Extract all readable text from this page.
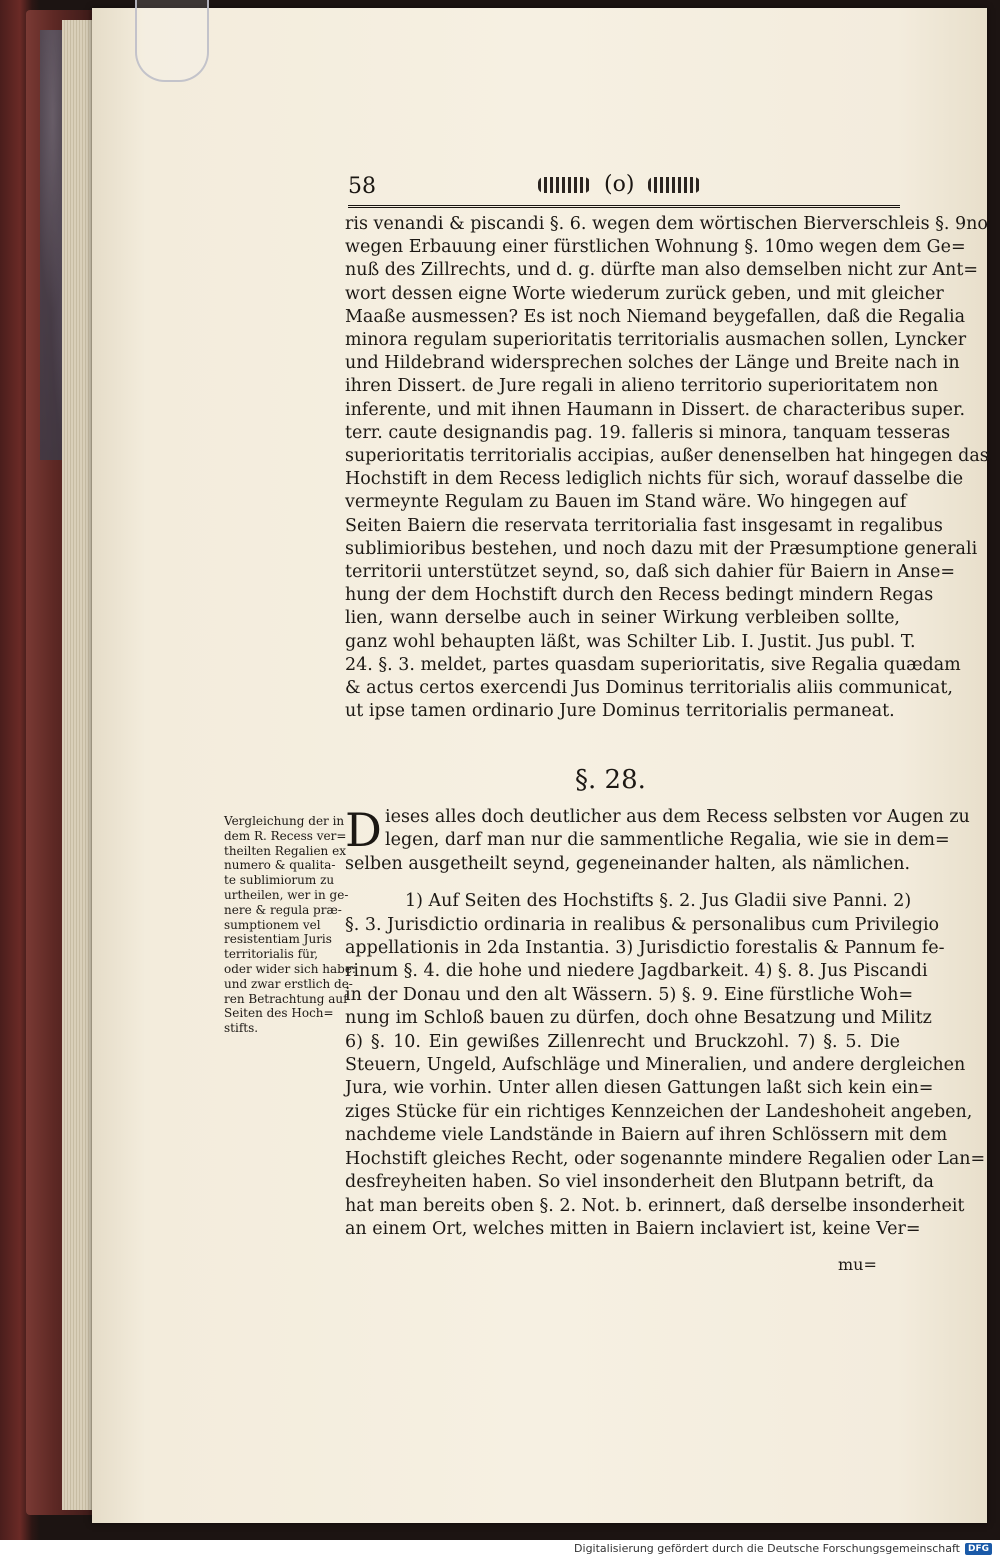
58	(o)
ris venandi & piscandi §. 6. wegen dem wörtischen Bierverschleis §. 9no
wegen Erbauung einer fürstlichen Wohnung §. 10mo wegen dem Ge=
nuß des Zillrechts, und d. g. dürfte man also demselben nicht zur Ant=
wort dessen eigne Worte wiederum zurück geben, und mit gleicher
Maaße ausmessen? Es ist noch Niemand beygefallen, daß die Regalia
minora regulam superioritatis territorialis ausmachen sollen, Lyncker
und Hildebrand widersprechen solches der Länge und Breite nach in
ihren Dissert. de Jure regali in alieno territorio superioritatem non
inferente, und mit ihnen Haumann in Dissert. de characteribus super.
terr. caute designandis pag. 19. falleris si minora, tanquam tesseras
superioritatis territorialis accipias, außer denenselben hat hingegen das
Hochstift in dem Recess lediglich nichts für sich, worauf dasselbe die
vermeynte Regulam zu Bauen im Stand wäre. Wo hingegen auf
Seiten Baiern die reservata territorialia fast insgesamt in regalibus
sublimioribus bestehen, und noch dazu mit der Præsumptione generali
territorii unterstützet seynd, so, daß sich dahier für Baiern in Anse=
hung der dem Hochstift durch den Recess bedingt mindern Regas
lien, wann derselbe auch in seiner Wirkung verbleiben sollte,
ganz wohl behaupten läßt, was Schilter Lib. I. Justit. Jus publ. T.
24. §. 3. meldet, partes quasdam superioritatis, sive Regalia quædam
& actus certos exercendi Jus Dominus territorialis aliis communicat,
ut ipse tamen ordinario Jure Dominus territorialis permaneat.
§. 28.
Vergleichung der in
dem R. Recess ver=
theilten Regalien ex
numero & qualita-
te sublimiorum zu
urtheilen, wer in ge-
nere & regula præ-
sumptionem vel
resistentiam Juris
territorialis für,
oder wider sich habe:
und zwar erstlich de-
ren Betrachtung auf
Seiten des Hoch=
stifts.
D ieses alles doch deutlicher aus dem Recess selbsten vor Augen zu
legen, darf man nur die sammentliche Regalia, wie sie in dem=
selben ausgetheilt seynd, gegeneinander halten, als nämlichen.
1) Auf Seiten des Hochstifts §. 2. Jus Gladii sive Panni. 2)
§. 3. Jurisdictio ordinaria in realibus & personalibus cum Privilegio
appellationis in 2da Instantia. 3) Jurisdictio forestalis & Pannum fe-
rinum §. 4. die hohe und niedere Jagdbarkeit. 4) §. 8. Jus Piscandi
in der Donau und den alt Wässern. 5) §. 9. Eine fürstliche Woh=
nung im Schloß bauen zu dürfen, doch ohne Besatzung und Militz
6) §. 10. Ein gewißes Zillenrecht und Bruckzohl. 7) §. 5. Die
Steuern, Ungeld, Aufschläge und Mineralien, und andere dergleichen
Jura, wie vorhin. Unter allen diesen Gattungen laßt sich kein ein=
ziges Stücke für ein richtiges Kennzeichen der Landeshoheit angeben,
nachdeme viele Landstände in Baiern auf ihren Schlössern mit dem
Hochstift gleiches Recht, oder sogenannte mindere Regalien oder Lan=
desfreyheiten haben. So viel insonderheit den Blutpann betrift, da
hat man bereits oben §. 2. Not. b. erinnert, daß derselbe insonderheit
an einem Ort, welches mitten in Baiern inclaviert ist, keine Ver=
mu=
Digitalisierung gefördert durch die Deutsche Forschungsgemeinschaft DFG
